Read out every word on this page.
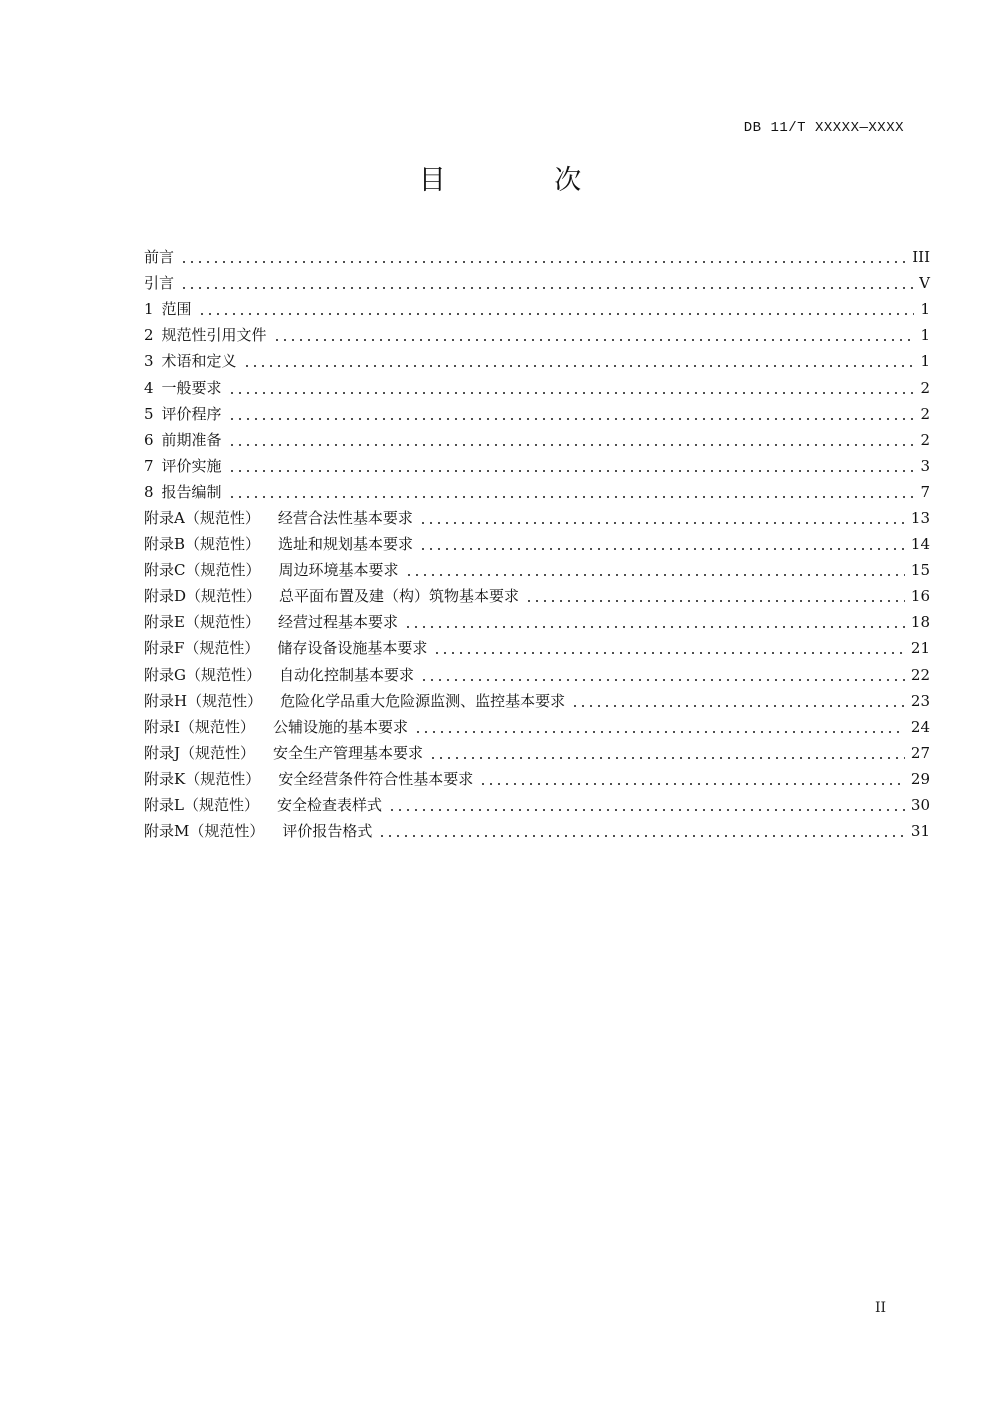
DB 11/T XXXXX—XXXX
目 次
前言	III
引言	V
1 范围	1
2 规范性引用文件	1
3 术语和定义	1
4 一般要求	2
5 评价程序	2
6 前期准备	2
7 评价实施	3
8 报告编制	7
附录A（规范性） 经营合法性基本要求	13
附录B（规范性） 选址和规划基本要求	14
附录C（规范性） 周边环境基本要求	15
附录D（规范性） 总平面布置及建（构）筑物基本要求	16
附录E（规范性） 经营过程基本要求	18
附录F（规范性） 储存设备设施基本要求	21
附录G（规范性） 自动化控制基本要求	22
附录H（规范性） 危险化学品重大危险源监测、监控基本要求	23
附录I（规范性） 公辅设施的基本要求	24
附录J（规范性） 安全生产管理基本要求	27
附录K（规范性） 安全经营条件符合性基本要求	29
附录L（规范性） 安全检查表样式	30
附录M（规范性） 评价报告格式	31
II
